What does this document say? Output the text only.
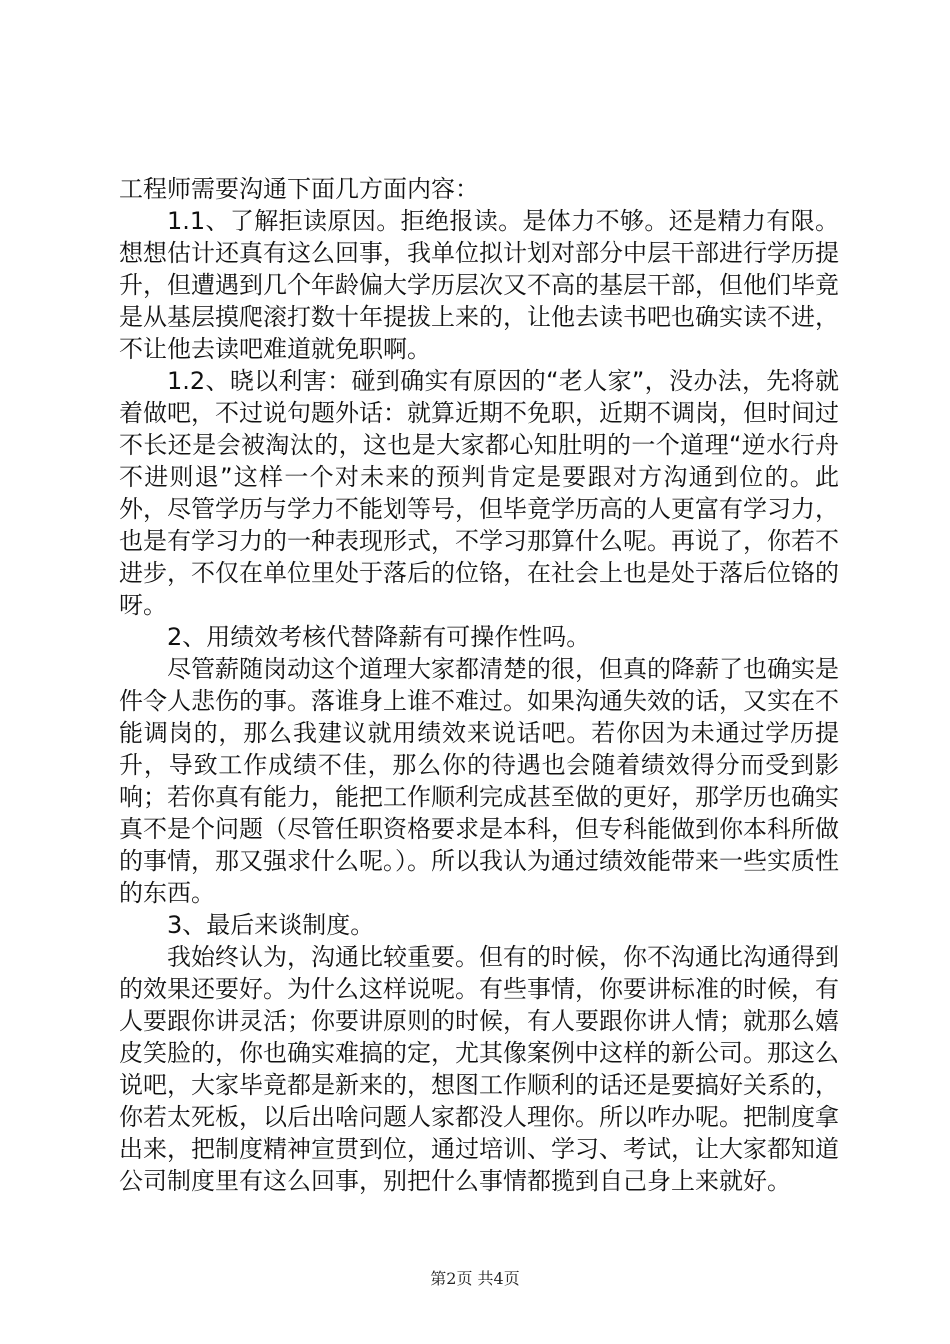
工程师需要沟通下面几方面内容：

1.1、了解拒读原因。拒绝报读。是体力不够。还是精力有限。想想估计还真有这么回事，我单位拟计划对部分中层干部进行学历提升，但遭遇到几个年龄偏大学历层次又不高的基层干部，但他们毕竟是从基层摸爬滚打数十年提拔上来的，让他去读书吧也确实读不进，不让他去读吧难道就免职啊。

1.2、晓以利害：碰到确实有原因的“老人家”，没办法，先将就着做吧，不过说句题外话：就算近期不免职，近期不调岗，但时间过不长还是会被淘汰的，这也是大家都心知肚明的一个道理“逆水行舟不进则退”这样一个对未来的预判肯定是要跟对方沟通到位的。此外，尽管学历与学力不能划等号，但毕竟学历高的人更富有学习力，也是有学习力的一种表现形式，不学习那算什么呢。再说了，你若不进步，不仅在单位里处于落后的位铬，在社会上也是处于落后位铬的呀。

2、用绩效考核代替降薪有可操作性吗。

尽管薪随岗动这个道理大家都清楚的很，但真的降薪了也确实是件令人悲伤的事。落谁身上谁不难过。如果沟通失效的话，又实在不能调岗的，那么我建议就用绩效来说话吧。若你因为未通过学历提升，导致工作成绩不佳，那么你的待遇也会随着绩效得分而受到影响；若你真有能力，能把工作顺利完成甚至做的更好，那学历也确实真不是个问题（尽管任职资格要求是本科，但专科能做到你本科所做的事情，那又强求什么呢。）。所以我认为通过绩效能带来一些实质性的东西。

3、最后来谈制度。

我始终认为，沟通比较重要。但有的时候，你不沟通比沟通得到的效果还要好。为什么这样说呢。有些事情，你要讲标准的时候，有人要跟你讲灵活；你要讲原则的时候，有人要跟你讲人情；就那么嬉皮笑脸的，你也确实难搞的定，尤其像案例中这样的新公司。那这么说吧，大家毕竟都是新来的，想图工作顺利的话还是要搞好关系的，你若太死板，以后出啥问题人家都没人理你。所以咋办呢。把制度拿出来，把制度精神宣贯到位，通过培训、学习、考试，让大家都知道公司制度里有这么回事，别把什么事情都揽到自己身上来就好。

第2页 共4页
